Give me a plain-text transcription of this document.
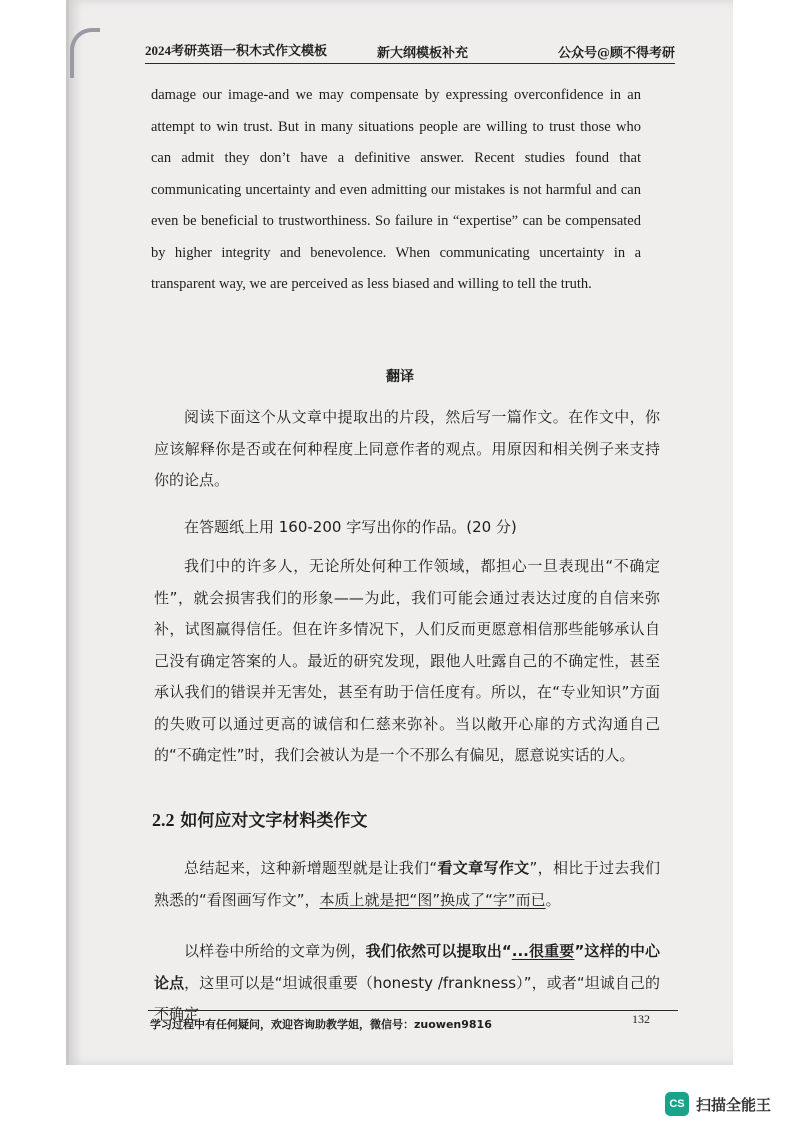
2024考研英语一积木式作文模板	新大纲模板补充	公众号@顾不得考研

damage our image-and we may compensate by expressing overconfidence in an attempt to win trust. But in many situations people are willing to trust those who can admit they don’t have a definitive answer. Recent studies found that communicating uncertainty and even admitting our mistakes is not harmful and can even be beneficial to trustworthiness. So failure in “expertise” can be compensated by higher integrity and benevolence. When communicating uncertainty in a transparent way, we are perceived as less biased and willing to tell the truth.

翻译

阅读下面这个从文章中提取出的片段，然后写一篇作文。在作文中，你应该解释你是否或在何种程度上同意作者的观点。用原因和相关例子来支持你的论点。

在答题纸上用 160-200 字写出你的作品。(20 分)

我们中的许多人，无论所处何种工作领域，都担心一旦表现出“不确定性”，就会损害我们的形象——为此，我们可能会通过表达过度的自信来弥补，试图赢得信任。但在许多情况下，人们反而更愿意相信那些能够承认自己没有确定答案的人。最近的研究发现，跟他人吐露自己的不确定性，甚至承认我们的错误并无害处，甚至有助于信任度有。所以，在“专业知识”方面的失败可以通过更高的诚信和仁慈来弥补。当以敞开心扉的方式沟通自己的“不确定性”时，我们会被认为是一个不那么有偏见，愿意说实话的人。

2.2 如何应对文字材料类作文

总结起来，这种新增题型就是让我们“看文章写作文”，相比于过去我们熟悉的“看图画写作文”，本质上就是把“图”换成了“字”而已。

以样卷中所给的文章为例，我们依然可以提取出“...很重要”这样的中心论点，这里可以是“坦诚很重要（honesty /frankness）”，或者“坦诚自己的不确定

学习过程中有任何疑问，欢迎咨询助教学姐，微信号：zuowen9816	132
CS 扫描全能王
